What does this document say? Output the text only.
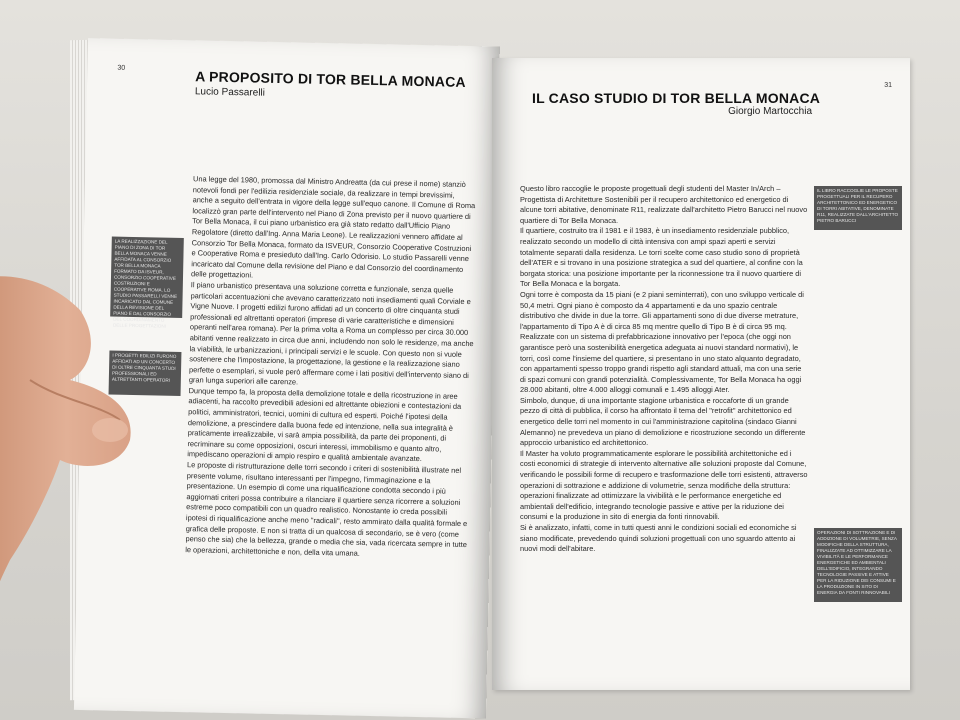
30
A PROPOSITO DI TOR BELLA MONACA
Lucio Passarelli
LA REALIZZAZIONE DEL PIANO DI ZONA DI TOR BELLA MONACA VENNE AFFIDATA AL CONSORZIO TOR BELLA MONACA FORMATO DA ISVEUR, CONSORZIO COOPERATIVE COSTRUZIONI E COOPERATIVE ROMA. LO STUDIO PASSARELLI VENNE INCARICATO DAL COMUNE DELLA REVISIONE DEL PIANO E DAL CONSORZIO DEL COORDINAMENTO DELLE PROGETTAZIONI
I PROGETTI EDILIZI FURONO AFFIDATI AD UN CONCERTO DI OLTRE CINQUANTA STUDI PROFESSIONALI ED ALTRETTANTI OPERATORI

Una legge del 1980, promossa dal Ministro Andreatta (da cui prese il nome) stanziò notevoli fondi per l'edilizia residenziale sociale, da realizzare in tempi brevissimi, anche a seguito dell'entrata in vigore della legge sull'equo canone. Il Comune di Roma localizzò gran parte dell'intervento nel Piano di Zona previsto per il nuovo quartiere di Tor Bella Monaca, il cui piano urbanistico era già stato redatto dall'Ufficio Piano Regolatore (diretto dall'Ing. Anna Maria Leone). Le realizzazioni vennero affidate al Consorzio Tor Bella Monaca, formato da ISVEUR, Consorzio Cooperative Costruzioni e Cooperative Roma e presieduto dall'Ing. Carlo Odorisio. Lo studio Passarelli venne incaricato dal Comune della revisione del Piano e dal Consorzio del coordinamento delle progettazioni.

Il piano urbanistico presentava una soluzione corretta e funzionale, senza quelle particolari accentuazioni che avevano caratterizzato noti insediamenti quali Corviale e Vigne Nuove. I progetti edilizi furono affidati ad un concerto di oltre cinquanta studi professionali ed altrettanti operatori (imprese di varie caratteristiche e dimensioni operanti nell'area romana). Per la prima volta a Roma un complesso per circa 30.000 abitanti venne realizzato in circa due anni, includendo non solo le residenze, ma anche la viabilità, le urbanizzazioni, i principali servizi e le scuole. Con questo non si vuole sostenere che l'impostazione, la progettazione, la gestione e la realizzazione siano perfette o esemplari, si vuole però affermare come i lati positivi dell'intervento siano di gran lunga superiori alle carenze.

Dunque tempo fa, la proposta della demolizione totale e della ricostruzione in aree adiacenti, ha raccolto prevedibili adesioni ed altrettante obiezioni e contestazioni da politici, amministratori, tecnici, uomini di cultura ed esperti. Poiché l'ipotesi della demolizione, a prescindere dalla buona fede ed intenzione, nella sua integralità è praticamente irrealizzabile, vi sarà ampia possibilità, da parte dei proponenti, di recriminare su come opposizioni, oscuri interessi, immobilismo e quanto altro, impediscano operazioni di ampio respiro e qualità ambientale avanzate.

Le proposte di ristrutturazione delle torri secondo i criteri di sostenibilità illustrate nel presente volume, risultano interessanti per l'impegno, l'immaginazione e la presentazione. Un esempio di come una riqualificazione condotta secondo i più aggiornati criteri possa contribuire a rilanciare il quartiere senza ricorrere a soluzioni estreme poco compatibili con un quadro realistico. Nonostante io creda possibili ipotesi di riqualificazione anche meno "radicali", resto ammirato dalla qualità formale e grafica delle proposte. E non si tratta di un qualcosa di secondario, se è vero (come penso che sia) che la bellezza, grande o media che sia, vada ricercata sempre in tutte le operazioni, architettoniche e non, della vita umana.

31
IL CASO STUDIO DI TOR BELLA MONACA
Giorgio Martocchia
IL LIBRO RACCOGLIE LE PROPOSTE PROGETTUALI PER IL RECUPERO ARCHITETTONICO ED ENERGETICO DI TORRI ABITATIVE, DENOMINATE R11, REALIZZATE DALL'ARCHITETTO PIETRO BARUCCI
OPERAZIONI DI SOTTRAZIONE E DI ADDIZIONE DI VOLUMETRIE, SENZA MODIFICHE DELLA STRUTTURA, FINALIZZATE AD OTTIMIZZARE LA VIVIBILITÀ E LE PERFORMANCE ENERGETICHE ED AMBIENTALI DELL'EDIFICIO, INTEGRANDO TECNOLOGIE PASSIVE E ATTIVE PER LA RIDUZIONE DEI CONSUMI E LA PRODUZIONE IN SITO DI ENERGIA DA FONTI RINNOVABILI

Questo libro raccoglie le proposte progettuali degli studenti del Master In/Arch – Progettista di Architetture Sostenibili per il recupero architettonico ed energetico di alcune torri abitative, denominate R11, realizzate dall'architetto Pietro Barucci nel nuovo quartiere di Tor Bella Monaca.

Il quartiere, costruito tra il 1981 e il 1983, è un insediamento residenziale pubblico, realizzato secondo un modello di città intensiva con ampi spazi aperti e servizi totalmente separati dalla residenza. Le torri scelte come caso studio sono di proprietà dell'ATER e si trovano in una posizione strategica a sud del quartiere, al confine con la borgata storica: una posizione importante per la riconnessione tra il nuovo quartiere di Tor Bella Monaca e la borgata.

Ogni torre è composta da 15 piani (e 2 piani seminterrati), con uno sviluppo verticale di 50,4 metri. Ogni piano è composto da 4 appartamenti e da uno spazio centrale distributivo che divide in due la torre. Gli appartamenti sono di due diverse metrature, l'appartamento di Tipo A è di circa 85 mq mentre quello di Tipo B è di circa 95 mq. Realizzate con un sistema di prefabbricazione innovativo per l'epoca (che oggi non garantisce però una sostenibilità energetica adeguata ai nuovi standard normativi), le torri, così come l'insieme del quartiere, si presentano in uno stato alquanto degradato, con appartamenti spesso troppo grandi rispetto agli standard attuali, ma con una serie di spazi comuni con grandi potenzialità. Complessivamente, Tor Bella Monaca ha oggi 28.000 abitanti, oltre 4.000 alloggi comunali e 1.495 alloggi Ater.

Simbolo, dunque, di una importante stagione urbanistica e roccaforte di un grande pezzo di città di pubblica, il corso ha affrontato il tema del "retrofit" architettonico ed energetico delle torri nel momento in cui l'amministrazione capitolina (sindaco Gianni Alemanno) ne prevedeva un piano di demolizione e ricostruzione secondo un differente approccio urbanistico ed architettonico.

Il Master ha voluto programmaticamente esplorare le possibilità architettoniche ed i costi economici di strategie di intervento alternative alle soluzioni proposte dal Comune, verificando le possibili forme di recupero e trasformazione delle torri esistenti, attraverso operazioni di sottrazione e addizione di volumetrie, senza modifiche della struttura: operazioni finalizzate ad ottimizzare la vivibilità e le performance energetiche ed ambientali dell'edificio, integrando tecnologie passive e attive per la riduzione dei consumi e la produzione in sito di energia da fonti rinnovabili.

Si è analizzato, infatti, come in tutti questi anni le condizioni sociali ed economiche si siano modificate, prevedendo quindi soluzioni progettuali con uno sguardo attento ai nuovi modi dell'abitare.
